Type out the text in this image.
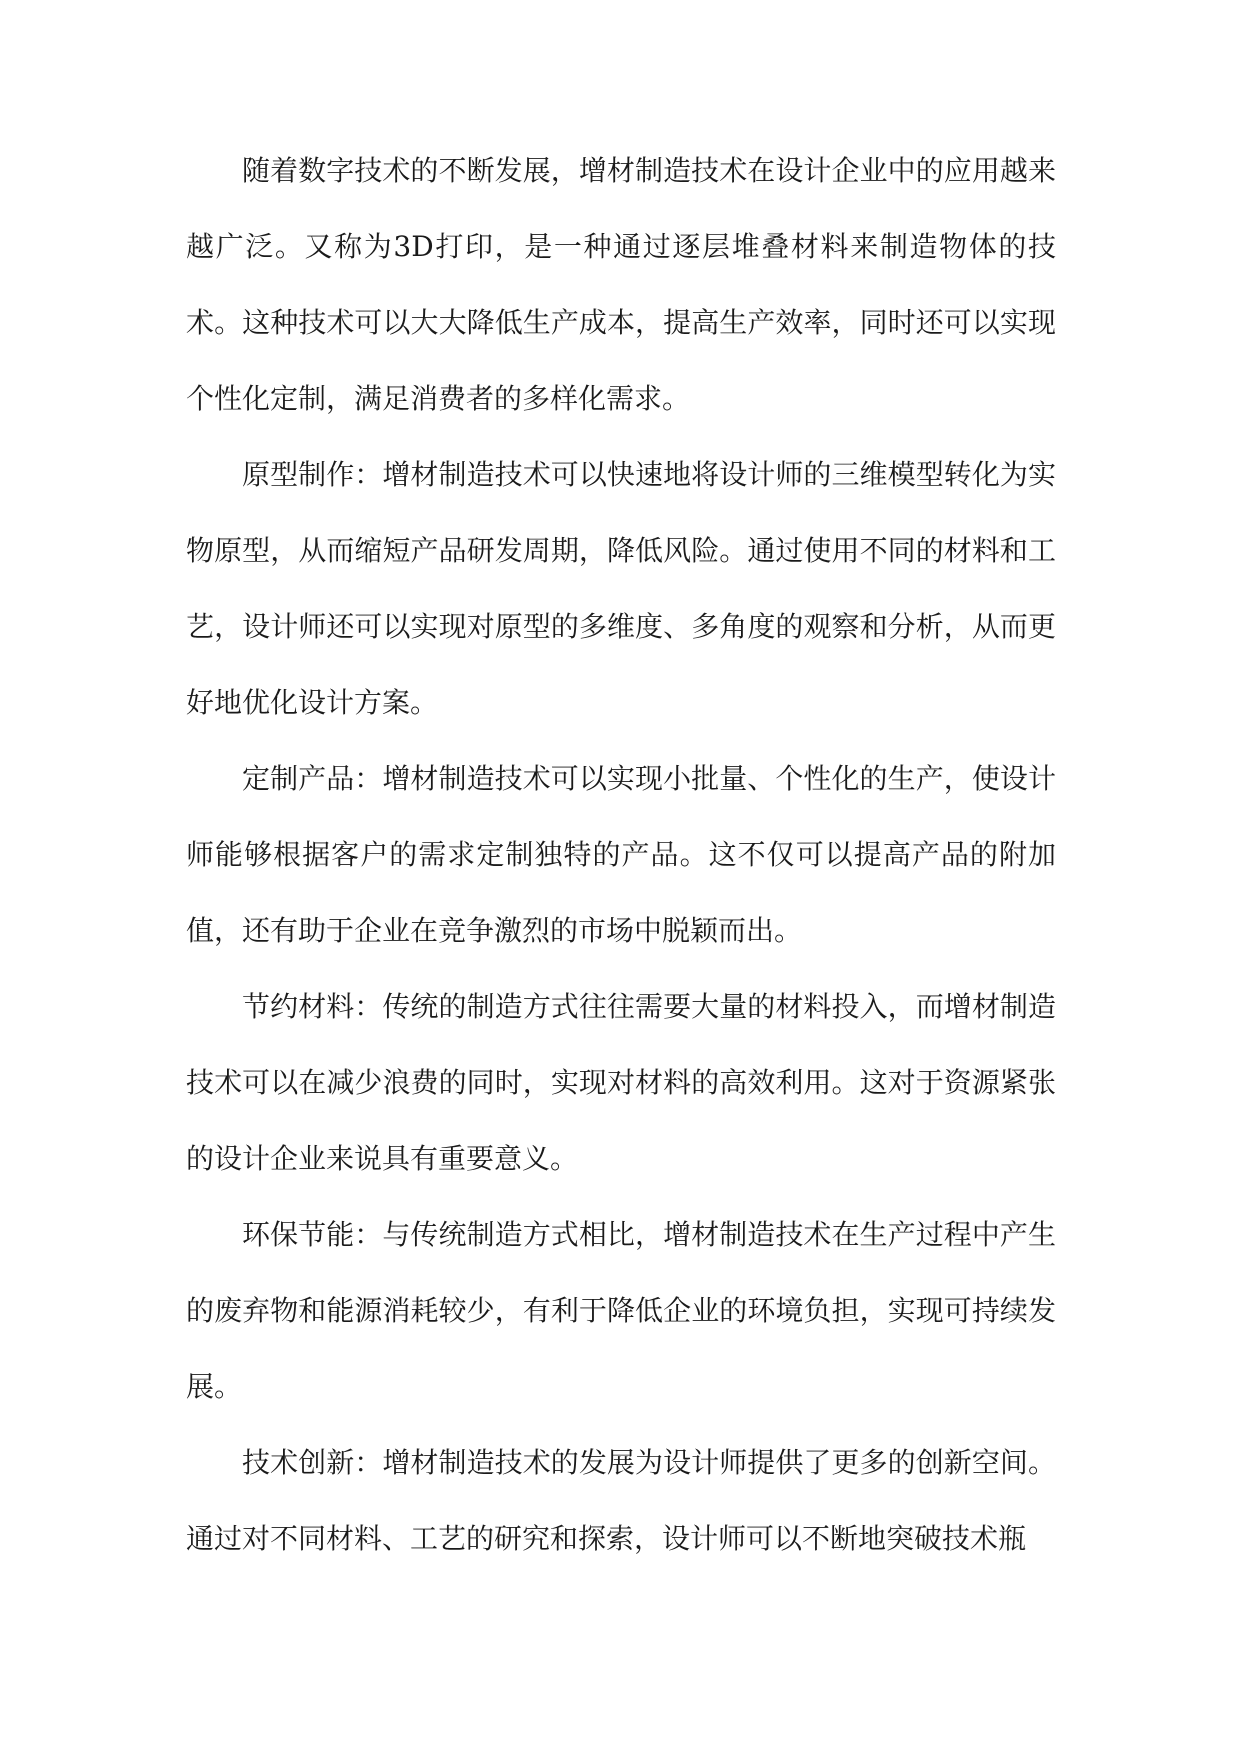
随着数字技术的不断发展，增材制造技术在设计企业中的应用越来越广泛。又称为3D打印，是一种通过逐层堆叠材料来制造物体的技术。这种技术可以大大降低生产成本，提高生产效率，同时还可以实现个性化定制，满足消费者的多样化需求。

原型制作：增材制造技术可以快速地将设计师的三维模型转化为实物原型，从而缩短产品研发周期，降低风险。通过使用不同的材料和工艺，设计师还可以实现对原型的多维度、多角度的观察和分析，从而更好地优化设计方案。

定制产品：增材制造技术可以实现小批量、个性化的生产，使设计师能够根据客户的需求定制独特的产品。这不仅可以提高产品的附加值，还有助于企业在竞争激烈的市场中脱颖而出。

节约材料：传统的制造方式往往需要大量的材料投入，而增材制造技术可以在减少浪费的同时，实现对材料的高效利用。这对于资源紧张的设计企业来说具有重要意义。

环保节能：与传统制造方式相比，增材制造技术在生产过程中产生的废弃物和能源消耗较少，有利于降低企业的环境负担，实现可持续发展。

技术创新：增材制造技术的发展为设计师提供了更多的创新空间。通过对不同材料、工艺的研究和探索，设计师可以不断地突破技术瓶
